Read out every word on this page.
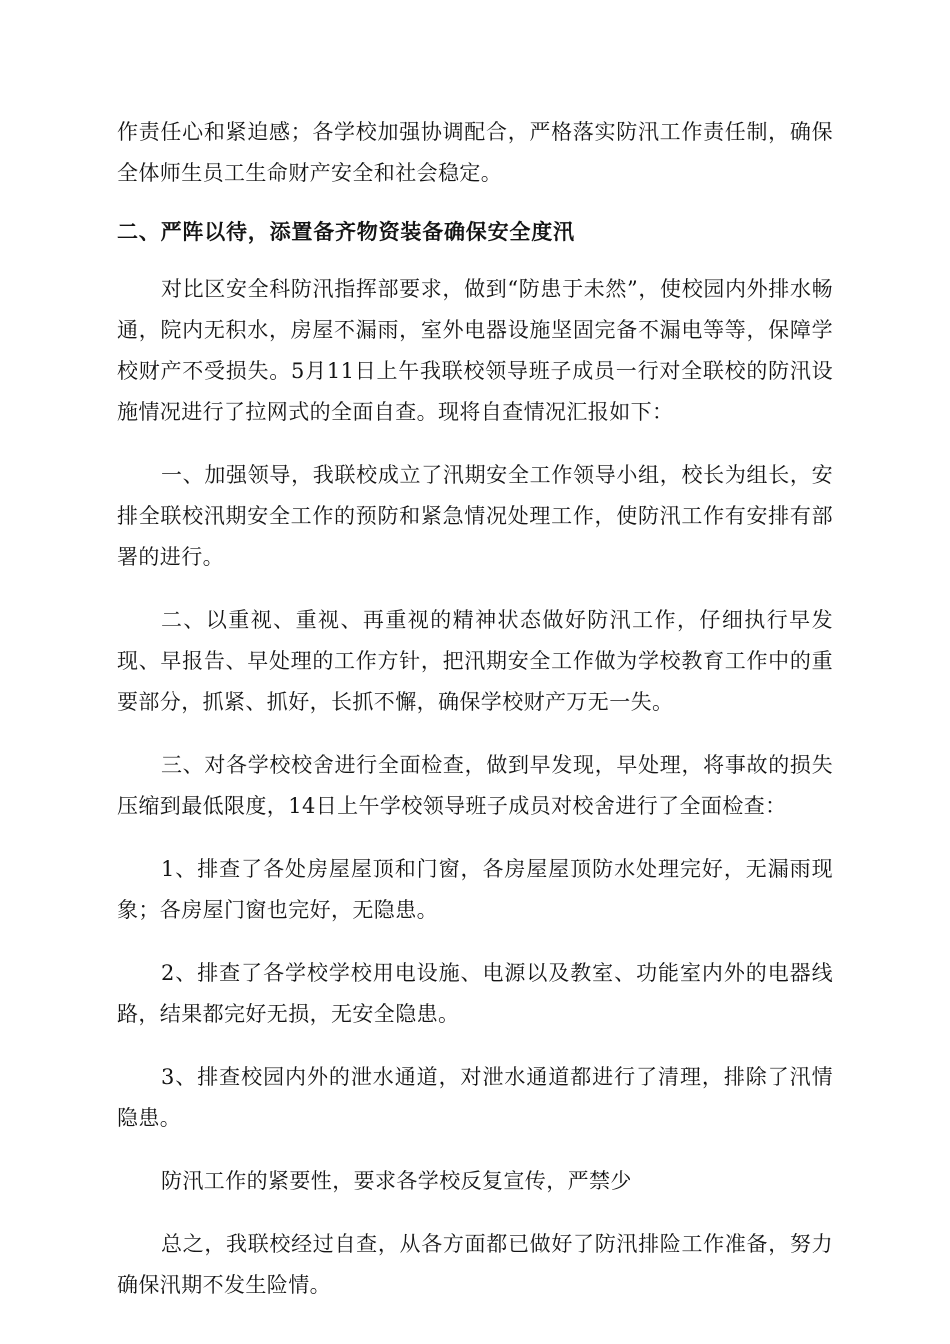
作责任心和紧迫感；各学校加强协调配合，严格落实防汛工作责任制，确保全体师生员工生命财产安全和社会稳定。

二、严阵以待，添置备齐物资装备确保安全度汛

对比区安全科防汛指挥部要求，做到“防患于未然”，使校园内外排水畅通，院内无积水，房屋不漏雨，室外电器设施坚固完备不漏电等等，保障学校财产不受损失。5月11日上午我联校领导班子成员一行对全联校的防汛设施情况进行了拉网式的全面自查。现将自查情况汇报如下：

一、加强领导，我联校成立了汛期安全工作领导小组，校长为组长，安排全联校汛期安全工作的预防和紧急情况处理工作，使防汛工作有安排有部署的进行。

二、以重视、重视、再重视的精神状态做好防汛工作，仔细执行早发现、早报告、早处理的工作方针，把汛期安全工作做为学校教育工作中的重要部分，抓紧、抓好，长抓不懈，确保学校财产万无一失。

三、对各学校校舍进行全面检查，做到早发现，早处理，将事故的损失压缩到最低限度，14日上午学校领导班子成员对校舍进行了全面检查：

1、排查了各处房屋屋顶和门窗，各房屋屋顶防水处理完好，无漏雨现象；各房屋门窗也完好，无隐患。

2、排查了各学校学校用电设施、电源以及教室、功能室内外的电器线路，结果都完好无损，无安全隐患。

3、排查校园内外的泄水通道，对泄水通道都进行了清理，排除了汛情隐患。

防汛工作的紧要性，要求各学校反复宣传，严禁少

总之，我联校经过自查，从各方面都已做好了防汛排险工作准备，努力确保汛期不发生险情。
